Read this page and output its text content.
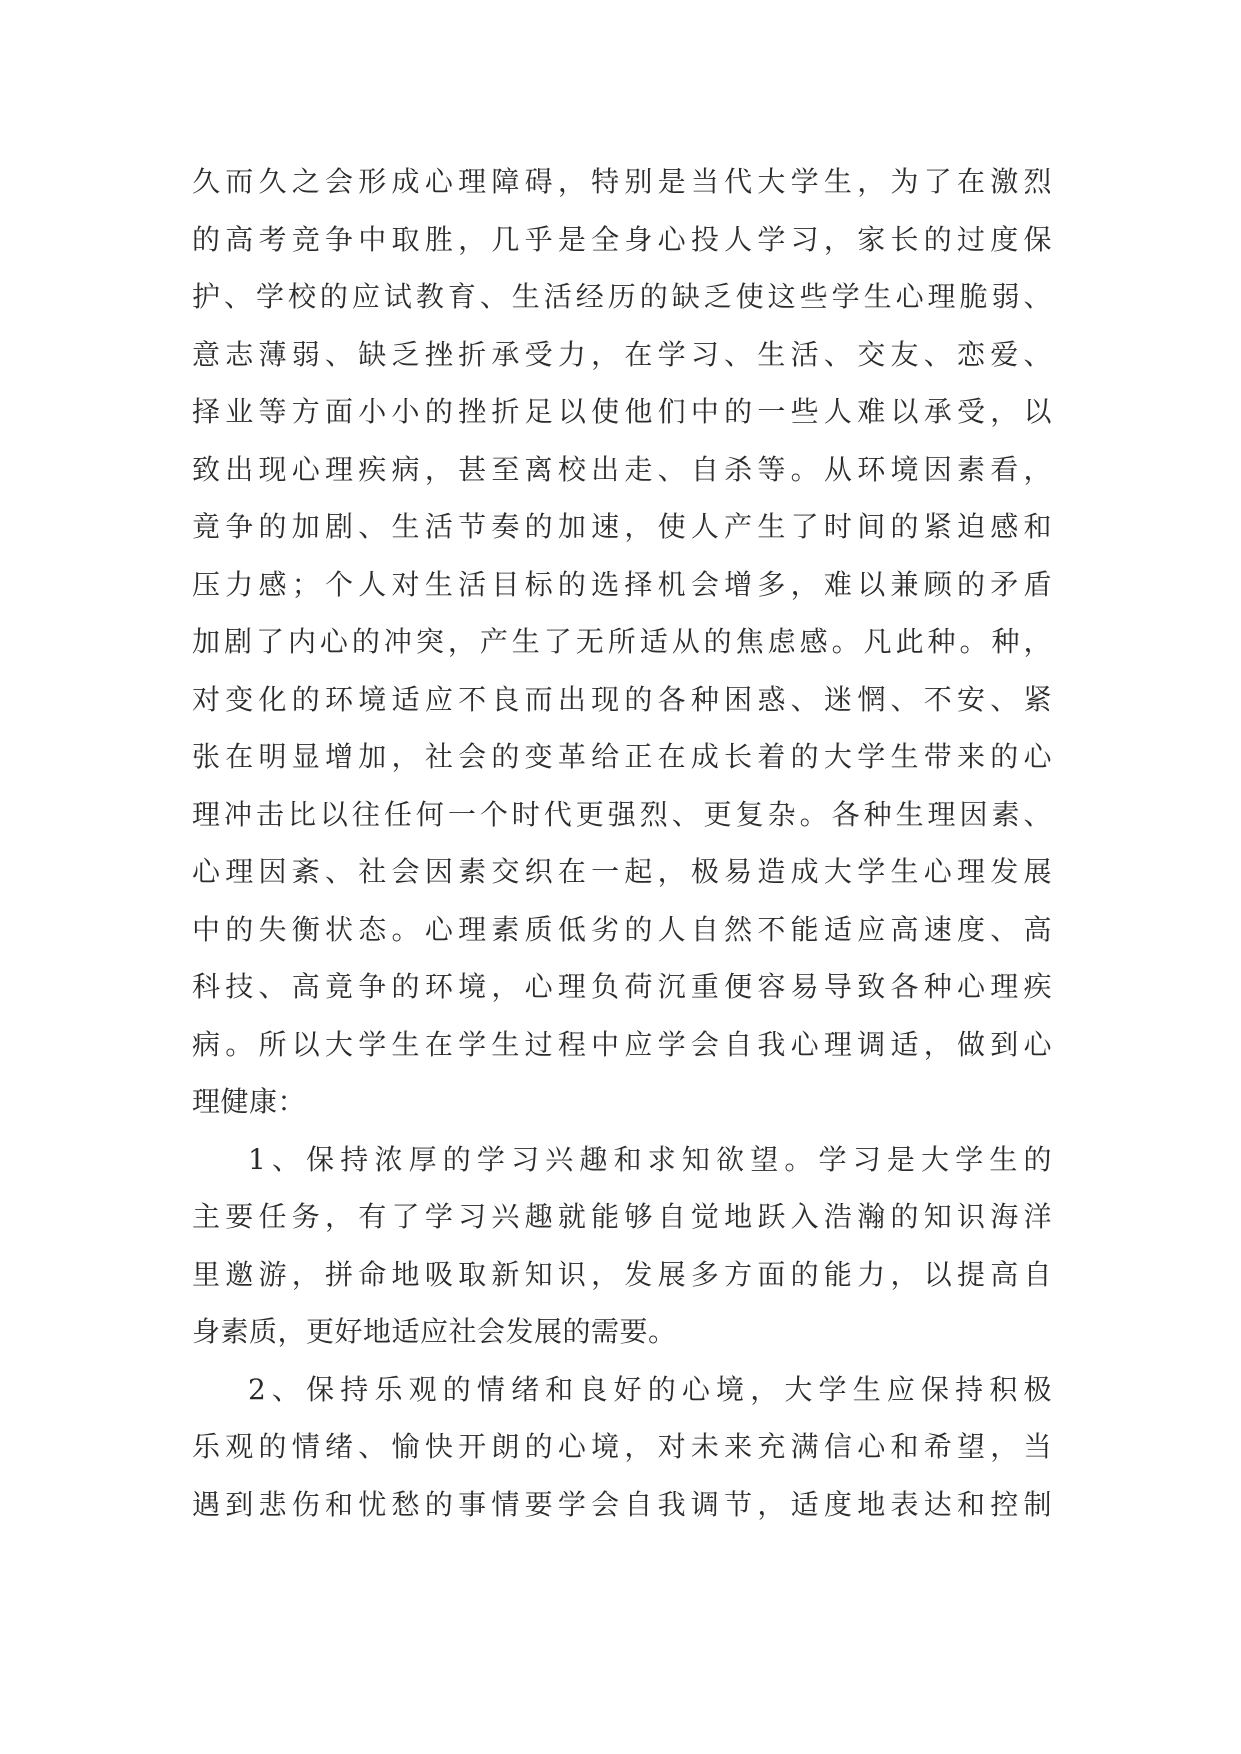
久而久之会形成心理障碍，特别是当代大学生，为了在激烈
的高考竞争中取胜，几乎是全身心投人学习，家长的过度保
护、学校的应试教育、生活经历的缺乏使这些学生心理脆弱、
意志薄弱、缺乏挫折承受力，在学习、生活、交友、恋爱、
择业等方面小小的挫折足以使他们中的一些人难以承受，以
致出现心理疾病，甚至离校出走、自杀等。从环境因素看，
竟争的加剧、生活节奏的加速，使人产生了时间的紧迫感和
压力感；个人对生活目标的选择机会增多，难以兼顾的矛盾
加剧了内心的冲突，产生了无所适从的焦虑感。凡此种。种，
对变化的环境适应不良而出现的各种困惑、迷惘、不安、紧
张在明显增加，社会的变革给正在成长着的大学生带来的心
理冲击比以往任何一个时代更强烈、更复杂。各种生理因素、
心理因紊、社会因素交织在一起，极易造成大学生心理发展
中的失衡状态。心理素质低劣的人自然不能适应高速度、高
科技、高竟争的环境，心理负荷沉重便容易导致各种心理疾
病。所以大学生在学生过程中应学会自我心理调适，做到心
理健康：
1、保持浓厚的学习兴趣和求知欲望。学习是大学生的
主要任务，有了学习兴趣就能够自觉地跃入浩瀚的知识海洋
里邀游，拼命地吸取新知识，发展多方面的能力，以提高自
身素质，更好地适应社会发展的需要。
2、保持乐观的情绪和良好的心境，大学生应保持积极
乐观的情绪、愉快开朗的心境，对未来充满信心和希望，当
遇到悲伤和忧愁的事情要学会自我调节，适度地表达和控制
